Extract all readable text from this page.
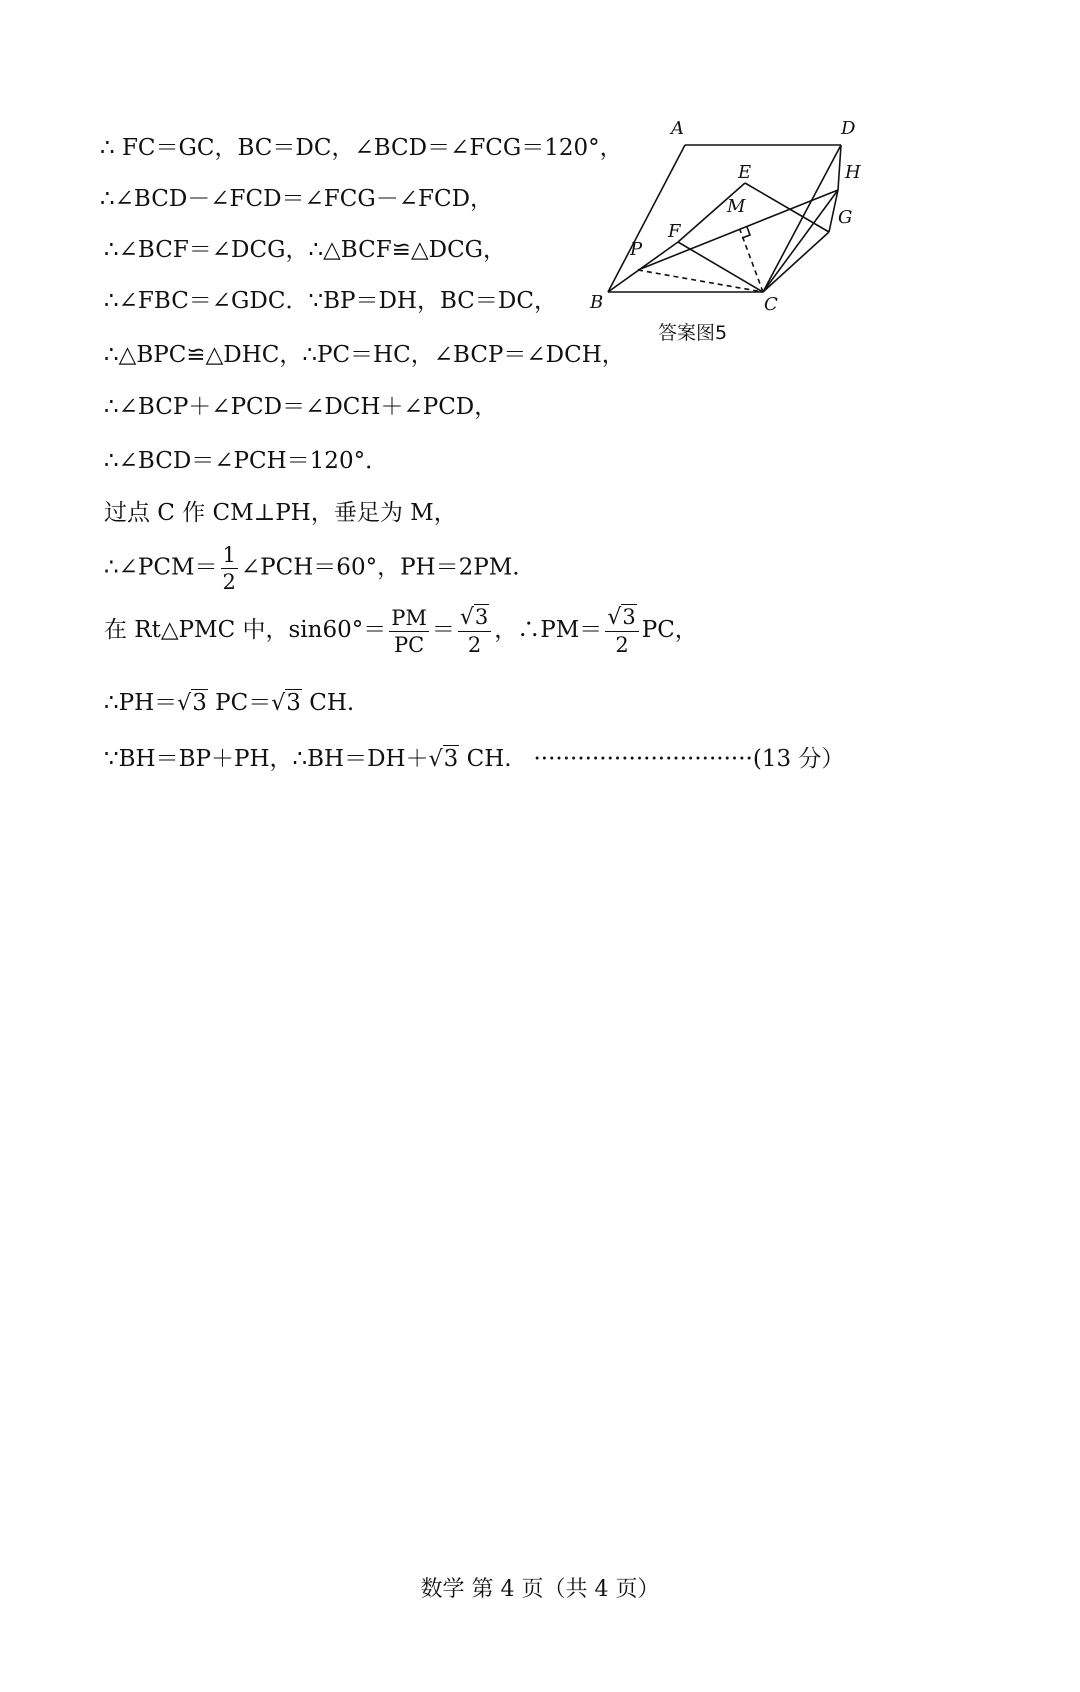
∴ FC＝GC，BC＝DC，∠BCD＝∠FCG＝120°，
∴∠BCD－∠FCD＝∠FCG－∠FCD，
∴∠BCF＝∠DCG，∴△BCF≌△DCG，
∴∠FBC＝∠GDC．∵BP＝DH，BC＝DC，
∴△BPC≌△DHC，∴PC＝HC，∠BCP＝∠DCH，
∴∠BCP＋∠PCD＝∠DCH＋∠PCD，
∴∠BCD＝∠PCH＝120°．
过点 C 作 CM⊥PH，垂足为 M，
∴∠PCM＝ $\frac{1}{2}$ ∠PCH＝60°，PH＝2PM.
在 Rt△PMC 中，$\sin 60^\circ= \frac{PM}{PC} = \frac{√3}{2}$ ，∴PM＝ $\frac{√3}{2}$ PC，
∴PH＝√3 PC＝√3 CH.
∵BH＝BP＋PH，∴BH＝DH＋√3 CH. ······························(13 分）
A	D
E	H
M
G
F
P
B	C
答案图5
数学 第 4 页（共 4 页）
